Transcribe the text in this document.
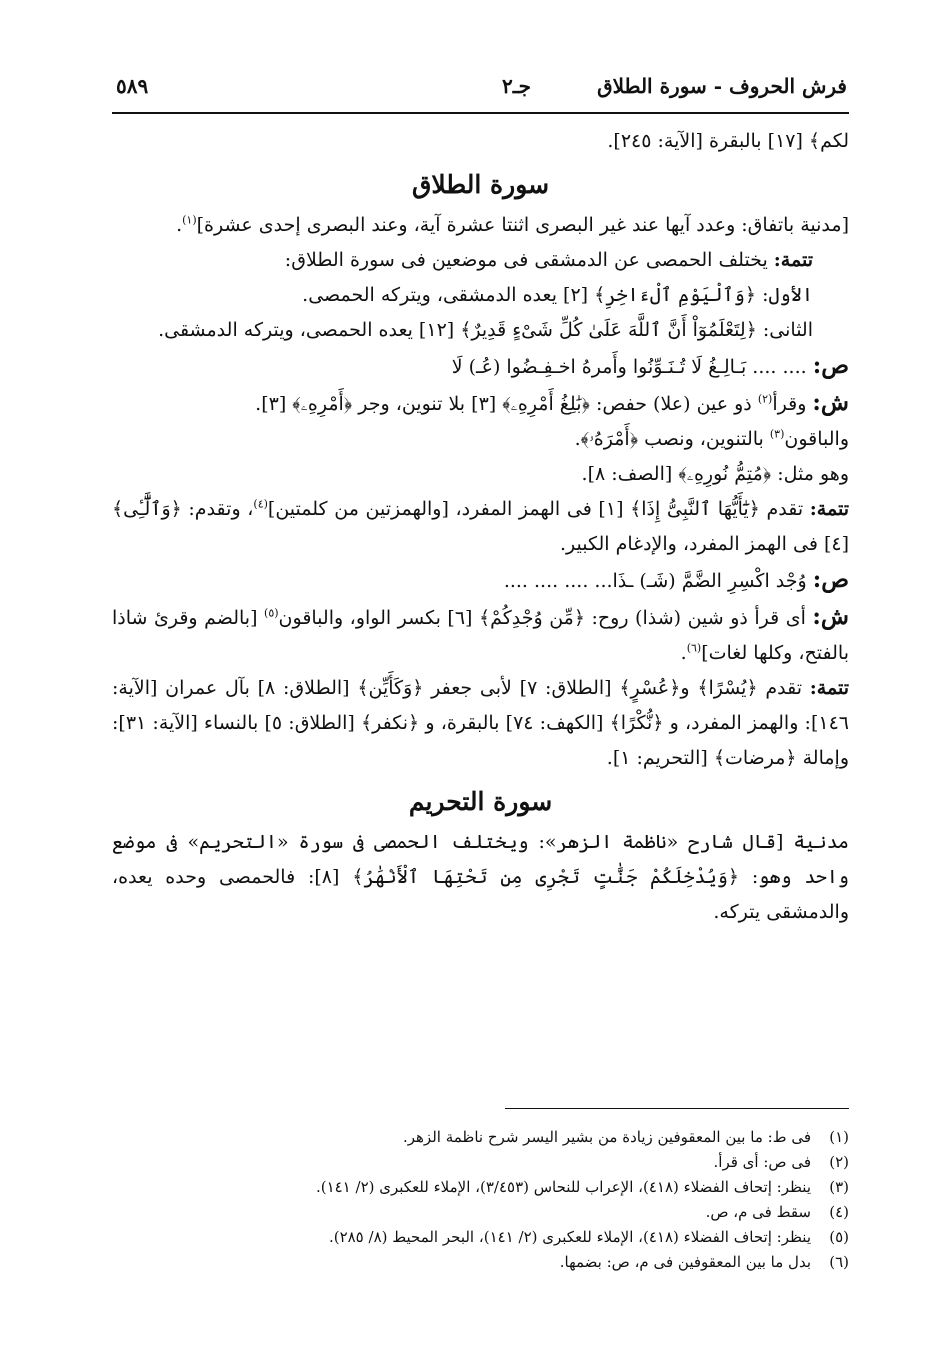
فرش الحروف - سورة الطلاق
جـ٢
٥٨٩

لكم﴾ [١٧] بالبقرة [الآية: ٢٤٥].

سورة الطلاق

[مدنية باتفاق: وعدد آيها عند غير البصرى اثنتا عشرة آية، وعند البصرى إحدى عشرة]$^{(١)}$.

تتمة: يختلف الحمصى عن الدمشقى فى موضعين فى سورة الطلاق:

الأول: ﴿وَٱلْيَوْمِ ٱلْءَاخِرِ﴾ [٢] يعده الدمشقى، ويتركه الحمصى.

الثانى: ﴿لِتَعْلَمُوٓاْ أَنَّ ٱللَّهَ عَلَىٰ كُلِّ شَىْءٍ قَدِيرٌ﴾ [١٢] يعده الحمصى، ويتركه الدمشقى.

ص: .... .... بَـالِـغُ لَا تُـنَـوِّنُوا وأَمرهُ اخـفِـضُوا (عُـ) لَا

ش: وقرأ$^{(٢)}$ ذو عين (علا) حفص: ﴿بَٰلِغُ أَمْرِهِۦ﴾ [٣] بلا تنوين، وجر ﴿أَمْرِهِۦ﴾ [٣].

والباقون$^{(٣)}$ بالتنوين، ونصب ﴿أَمْرَهُۥ﴾.

وهو مثل: ﴿مُتِمُّ نُورِهِۦ﴾ [الصف: ٨].

تتمة: تقدم ﴿يَٰٓأَيُّهَا ٱلنَّبِىُّ إِذَا﴾ [١] فى الهمز المفرد، [والهمزتين من كلمتين]$^{(٤)}$، وتقدم: ﴿وَٱلَّٰٓـِٔى﴾ [٤] فى الهمز المفرد، والإدغام الكبير.

ص: وُجْد اكْسِرِ الضَّمَّ (شَـ) ـذَا... .... .... ....

ش: أى قرأ ذو شين (شذا) روح: ﴿مِّن وُجْدِكُمْ﴾ [٦] بكسر الواو، والباقون$^{(٥)}$ [بالضم وقرئ شاذا بالفتح، وكلها لغات]$^{(٦)}$.

تتمة: تقدم ﴿يُسْرًا﴾ و﴿عُسْرٍ﴾ [الطلاق: ٧] لأبى جعفر ﴿وَكَأَيِّن﴾ [الطلاق: ٨] بآل عمران [الآية: ١٤٦]: والهمز المفرد، و ﴿نُّكْرًا﴾ [الكهف: ٧٤] بالبقرة، و ﴿نكفر﴾ [الطلاق: ٥] بالنساء [الآية: ٣١]: وإمالة ﴿مرضات﴾ [التحريم: ١].

سورة التحريم

مدنية [قال شارح «ناظمة الزهر»: ويختلف الحمصى فى سورة «التحريم» فى موضع واحد وهو: ﴿وَيُدْخِلَكُمْ جَنَّٰتٍ تَجْرِى مِن تَحْتِهَا ٱلْأَنْهَٰرُ﴾ [٨]: فالحمصى وحده يعده، والدمشقى يتركه.

(١)فى ط: ما بين المعقوفين زيادة من بشير اليسر شرح ناظمة الزهر.

(٢)فى ص: أى قرأ.

(٣)ينظر: إتحاف الفضلاء (٤١٨)، الإعراب للنحاس (٣/٤٥٣)، الإملاء للعكبرى (٢/ ١٤١).

(٤)سقط فى م، ص.

(٥)ينظر: إتحاف الفضلاء (٤١٨)، الإملاء للعكبرى (٢/ ١٤١)، البحر المحيط (٨/ ٢٨٥).

(٦)بدل ما بين المعقوفين فى م، ص: بضمها.
